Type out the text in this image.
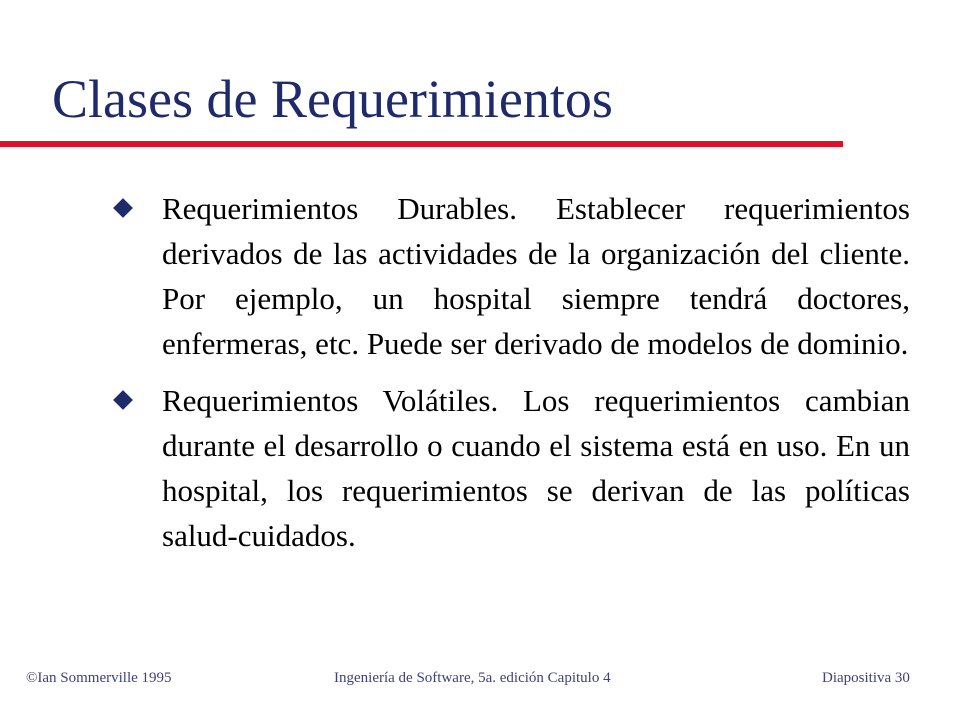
Clases de Requerimientos
Requerimientos Durables. Establecer requerimientos derivados de las actividades de la organización del cliente. Por ejemplo, un hospital siempre tendrá doctores, enfermeras, etc. Puede ser derivado de modelos de dominio.
Requerimientos Volátiles. Los requerimientos cambian durante el desarrollo o cuando el sistema está en uso. En un hospital, los requerimientos se derivan de las políticas salud-cuidados.
©Ian Sommerville 1995	Ingeniería de Software, 5a. edición Capitulo 4	Diapositiva 30
